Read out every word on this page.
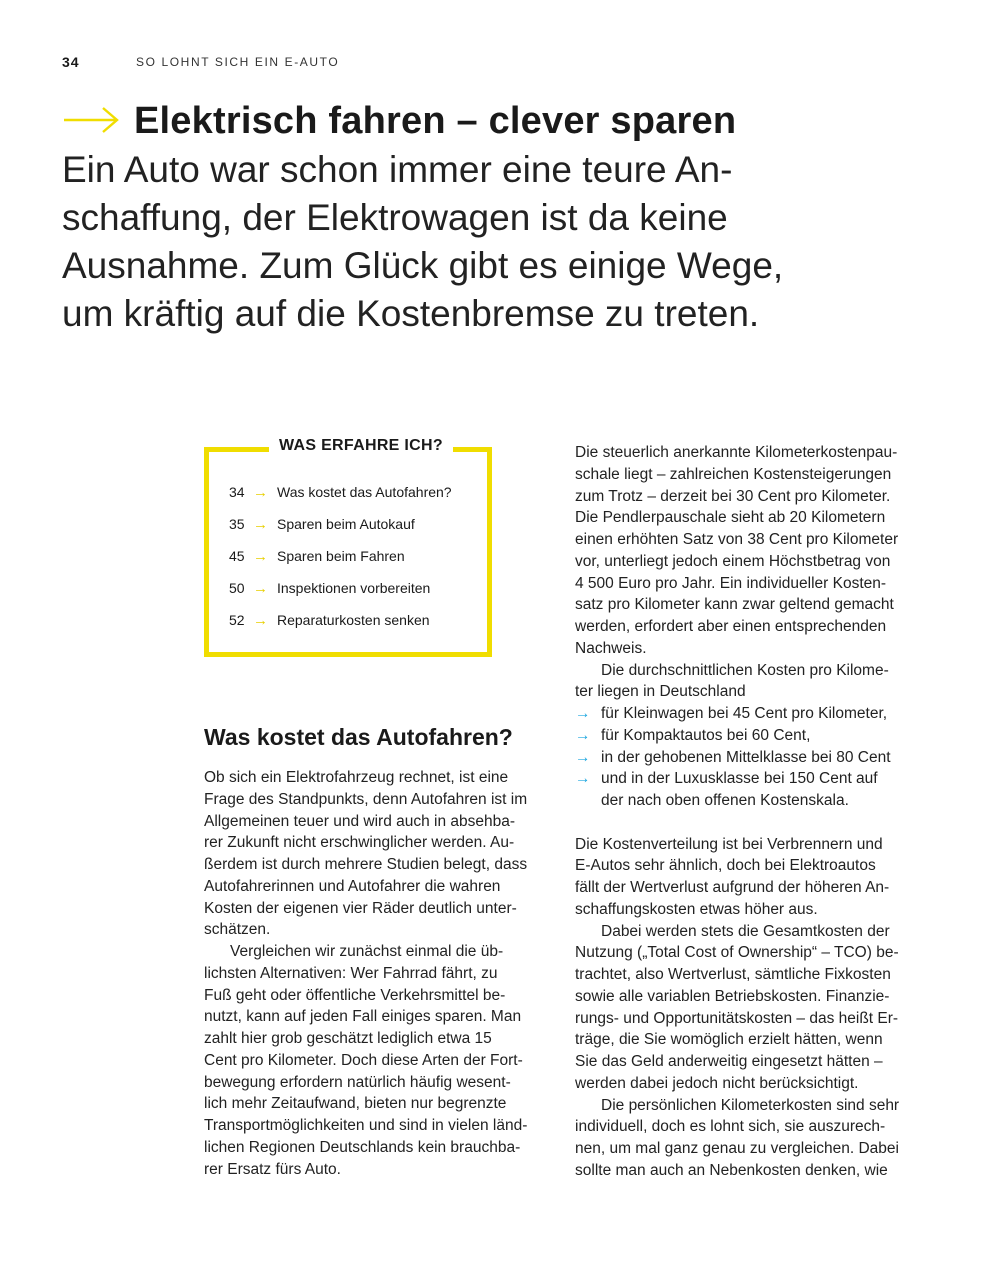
34	SO LOHNT SICH EIN E-AUTO
Elektrisch fahren – clever sparen
Ein Auto war schon immer eine teure An-
schaffung, der Elektrowagen ist da keine
Ausnahme. Zum Glück gibt es einige Wege,
um kräftig auf die Kostenbremse zu treten.
WAS ERFAHRE ICH?
34 → Was kostet das Autofahren?
35 → Sparen beim Autokauf
45 → Sparen beim Fahren
50 → Inspektionen vorbereiten
52 → Reparaturkosten senken
Was kostet das Autofahren?
Ob sich ein Elektrofahrzeug rechnet, ist eine
Frage des Standpunkts, denn Autofahren ist im
Allgemeinen teuer und wird auch in absehba-
rer Zukunft nicht erschwinglicher werden. Au-
ßerdem ist durch mehrere Studien belegt, dass
Autofahrerinnen und Autofahrer die wahren
Kosten der eigenen vier Räder deutlich unter-
schätzen.
Vergleichen wir zunächst einmal die üb-
lichsten Alternativen: Wer Fahrrad fährt, zu
Fuß geht oder öffentliche Verkehrsmittel be-
nutzt, kann auf jeden Fall einiges sparen. Man
zahlt hier grob geschätzt lediglich etwa 15
Cent pro Kilometer. Doch diese Arten der Fort-
bewegung erfordern natürlich häufig wesent-
lich mehr Zeitaufwand, bieten nur begrenzte
Transportmöglichkeiten und sind in vielen länd-
lichen Regionen Deutschlands kein brauchba-
rer Ersatz fürs Auto.
Die steuerlich anerkannte Kilometerkostenpau-
schale liegt – zahlreichen Kostensteigerungen
zum Trotz – derzeit bei 30 Cent pro Kilometer.
Die Pendlerpauschale sieht ab 20 Kilometern
einen erhöhten Satz von 38 Cent pro Kilometer
vor, unterliegt jedoch einem Höchstbetrag von
4 500 Euro pro Jahr. Ein individueller Kosten-
satz pro Kilometer kann zwar geltend gemacht
werden, erfordert aber einen entsprechenden
Nachweis.
Die durchschnittlichen Kosten pro Kilome-
ter liegen in Deutschland
→ für Kleinwagen bei 45 Cent pro Kilometer,
→ für Kompaktautos bei 60 Cent,
→ in der gehobenen Mittelklasse bei 80 Cent
→ und in der Luxusklasse bei 150 Cent auf
der nach oben offenen Kostenskala.
Die Kostenverteilung ist bei Verbrennern und
E-Autos sehr ähnlich, doch bei Elektroautos
fällt der Wertverlust aufgrund der höheren An-
schaffungskosten etwas höher aus.
Dabei werden stets die Gesamtkosten der
Nutzung („Total Cost of Ownership“ – TCO) be-
trachtet, also Wertverlust, sämtliche Fixkosten
sowie alle variablen Betriebskosten. Finanzie-
rungs- und Opportunitätskosten – das heißt Er-
träge, die Sie womöglich erzielt hätten, wenn
Sie das Geld anderweitig eingesetzt hätten –
werden dabei jedoch nicht berücksichtigt.
Die persönlichen Kilometerkosten sind sehr
individuell, doch es lohnt sich, sie auszurech-
nen, um mal ganz genau zu vergleichen. Dabei
sollte man auch an Nebenkosten denken, wie
